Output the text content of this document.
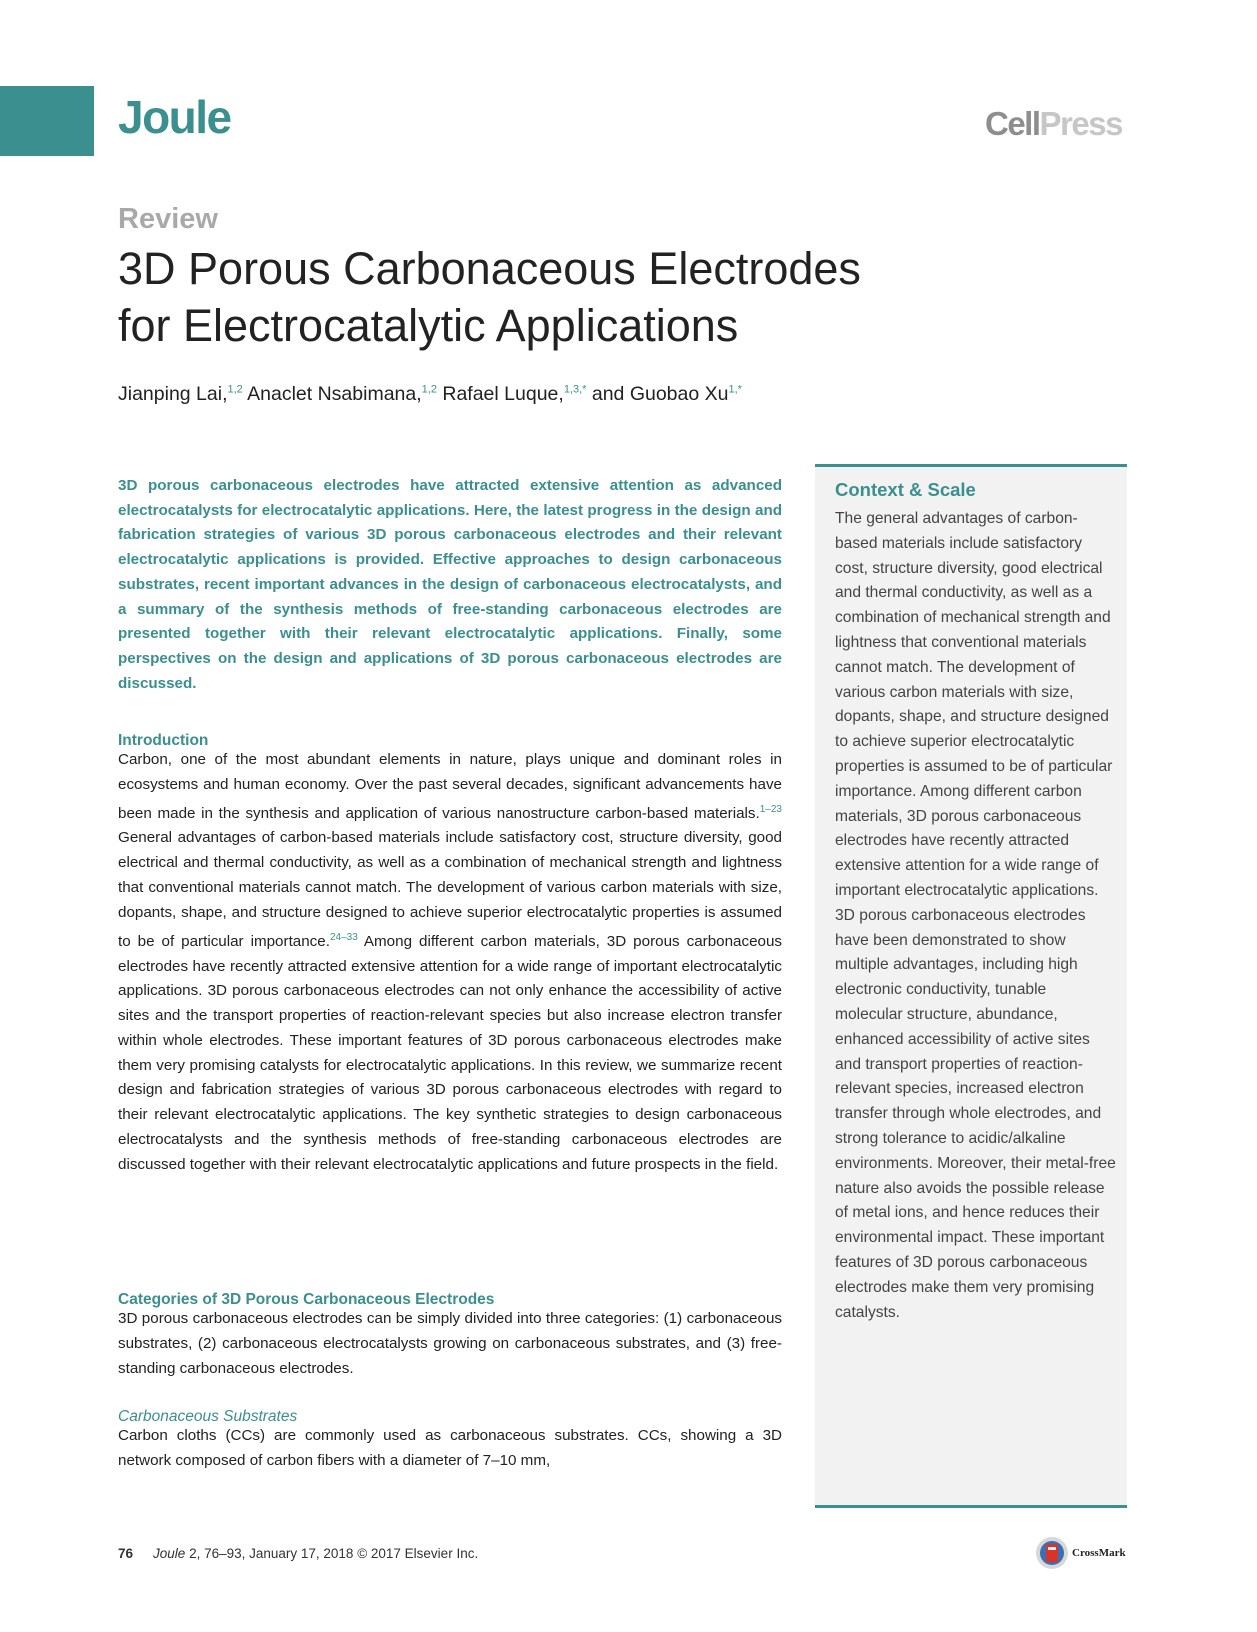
Joule	CellPress
Review
3D Porous Carbonaceous Electrodes
for Electrocatalytic Applications
Jianping Lai,$^{1,2}$ Anaclet Nsabimana,$^{1,2}$ Rafael Luque,$^{1,3,*}$ and Guobao $Xu^{1,*}$

3D porous carbonaceous electrodes have attracted extensive attention as advanced electrocatalysts for electrocatalytic applications. Here, the latest progress in the design and fabrication strategies of various 3D porous carbonaceous electrodes and their relevant electrocatalytic applications is provided. Effective approaches to design carbonaceous substrates, recent important advances in the design of carbonaceous electrocatalysts, and a summary of the synthesis methods of free-standing carbonaceous electrodes are presented together with their relevant electrocatalytic applications. Finally, some perspectives on the design and applications of 3D porous carbonaceous electrodes are discussed.

Introduction

Carbon, one of the most abundant elements in nature, plays unique and dominant roles in ecosystems and human economy. Over the past several decades, significant advancements have been made in the synthesis and application of various nanostructure carbon-based materials.$^{1-23}$ General advantages of carbon-based materials include satisfactory cost, structure diversity, good electrical and thermal conductivity, as well as a combination of mechanical strength and lightness that conventional materials cannot match. The development of various carbon materials with size, dopants, shape, and structure designed to achieve superior electrocatalytic properties is assumed to be of particular importance.$^{24-33}$ Among different carbon materials, 3D porous carbonaceous electrodes have recently attracted extensive attention for a wide range of important electrocatalytic applications. 3D porous carbonaceous electrodes can not only enhance the accessibility of active sites and the transport properties of reaction-relevant species but also increase electron transfer within whole electrodes. These important features of 3D porous carbonaceous electrodes make them very promising catalysts for electrocatalytic applications. In this review, we summarize recent design and fabrication strategies of various 3D porous carbonaceous electrodes with regard to their relevant electrocatalytic applications. The key synthetic strategies to design carbonaceous electrocatalysts and the synthesis methods of free-standing carbonaceous electrodes are discussed together with their relevant electrocatalytic applications and future prospects in the field.

Categories of 3D Porous Carbonaceous Electrodes

3D porous carbonaceous electrodes can be simply divided into three categories: (1) carbonaceous substrates, (2) carbonaceous electrocatalysts growing on carbonaceous substrates, and (3) free-standing carbonaceous electrodes.

Carbonaceous Substrates

Carbon cloths (CCs) are commonly used as carbonaceous substrates. CCs, showing a 3D network composed of carbon fibers with a diameter of 7–10 mm,

Context & Scale

The general advantages of carbon-based materials include satisfactory cost, structure diversity, good electrical and thermal conductivity, as well as a combination of mechanical strength and lightness that conventional materials cannot match. The development of various carbon materials with size, dopants, shape, and structure designed to achieve superior electrocatalytic properties is assumed to be of particular importance. Among different carbon materials, 3D porous carbonaceous electrodes have recently attracted extensive attention for a wide range of important electrocatalytic applications. 3D porous carbonaceous electrodes have been demonstrated to show multiple advantages, including high electronic conductivity, tunable molecular structure, abundance, enhanced accessibility of active sites and transport properties of reaction-relevant species, increased electron transfer through whole electrodes, and strong tolerance to acidic/alkaline environments. Moreover, their metal-free nature also avoids the possible release of metal ions, and hence reduces their environmental impact. These important features of 3D porous carbonaceous electrodes make them very promising catalysts.

76 Joule 2, 76–93, January 17, 2018 © 2017 Elsevier Inc.	CrossMark
